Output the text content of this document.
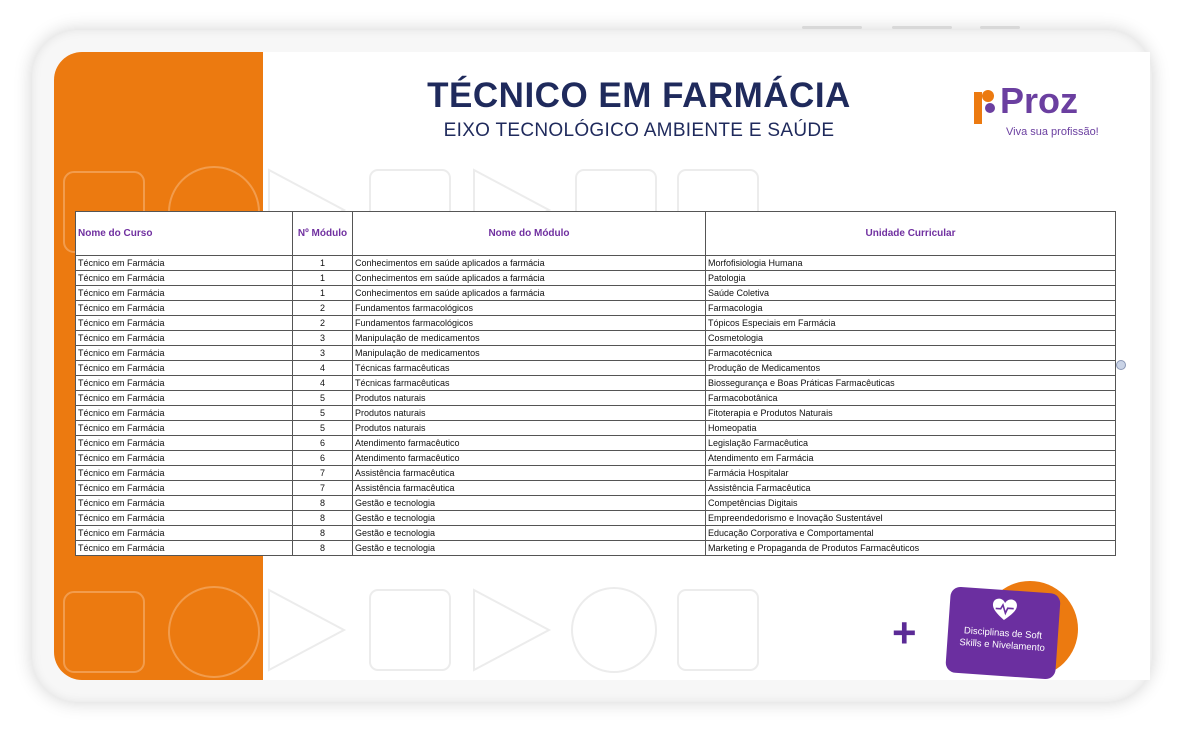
TÉCNICO EM FARMÁCIA
EIXO TECNOLÓGICO AMBIENTE E SAÚDE
Proz
Viva sua profissão!
Nome do Curso	Nº Módulo	Nome do Módulo	Unidade Curricular
Técnico em Farmácia	1	Conhecimentos em saúde aplicados a farmácia	Morfofisiologia Humana
Técnico em Farmácia	1	Conhecimentos em saúde aplicados a farmácia	Patologia
Técnico em Farmácia	1	Conhecimentos em saúde aplicados a farmácia	Saúde Coletiva
Técnico em Farmácia	2	Fundamentos farmacológicos	Farmacologia
Técnico em Farmácia	2	Fundamentos farmacológicos	Tópicos Especiais em Farmácia
Técnico em Farmácia	3	Manipulação de medicamentos	Cosmetologia
Técnico em Farmácia	3	Manipulação de medicamentos	Farmacotécnica
Técnico em Farmácia	4	Técnicas farmacêuticas	Produção de Medicamentos
Técnico em Farmácia	4	Técnicas farmacêuticas	Biossegurança e Boas Práticas Farmacêuticas
Técnico em Farmácia	5	Produtos naturais	Farmacobotânica
Técnico em Farmácia	5	Produtos naturais	Fitoterapia e Produtos Naturais
Técnico em Farmácia	5	Produtos naturais	Homeopatia
Técnico em Farmácia	6	Atendimento farmacêutico	Legislação Farmacêutica
Técnico em Farmácia	6	Atendimento farmacêutico	Atendimento em Farmácia
Técnico em Farmácia	7	Assistência farmacêutica	Farmácia Hospitalar
Técnico em Farmácia	7	Assistência farmacêutica	Assistência Farmacêutica
Técnico em Farmácia	8	Gestão e tecnologia	Competências Digitais
Técnico em Farmácia	8	Gestão e tecnologia	Empreendedorismo e Inovação Sustentável
Técnico em Farmácia	8	Gestão e tecnologia	Educação Corporativa e Comportamental
Técnico em Farmácia	8	Gestão e tecnologia	Marketing e Propaganda de Produtos Farmacêuticos
+	Disciplinas de Soft Skills e Nivelamento
